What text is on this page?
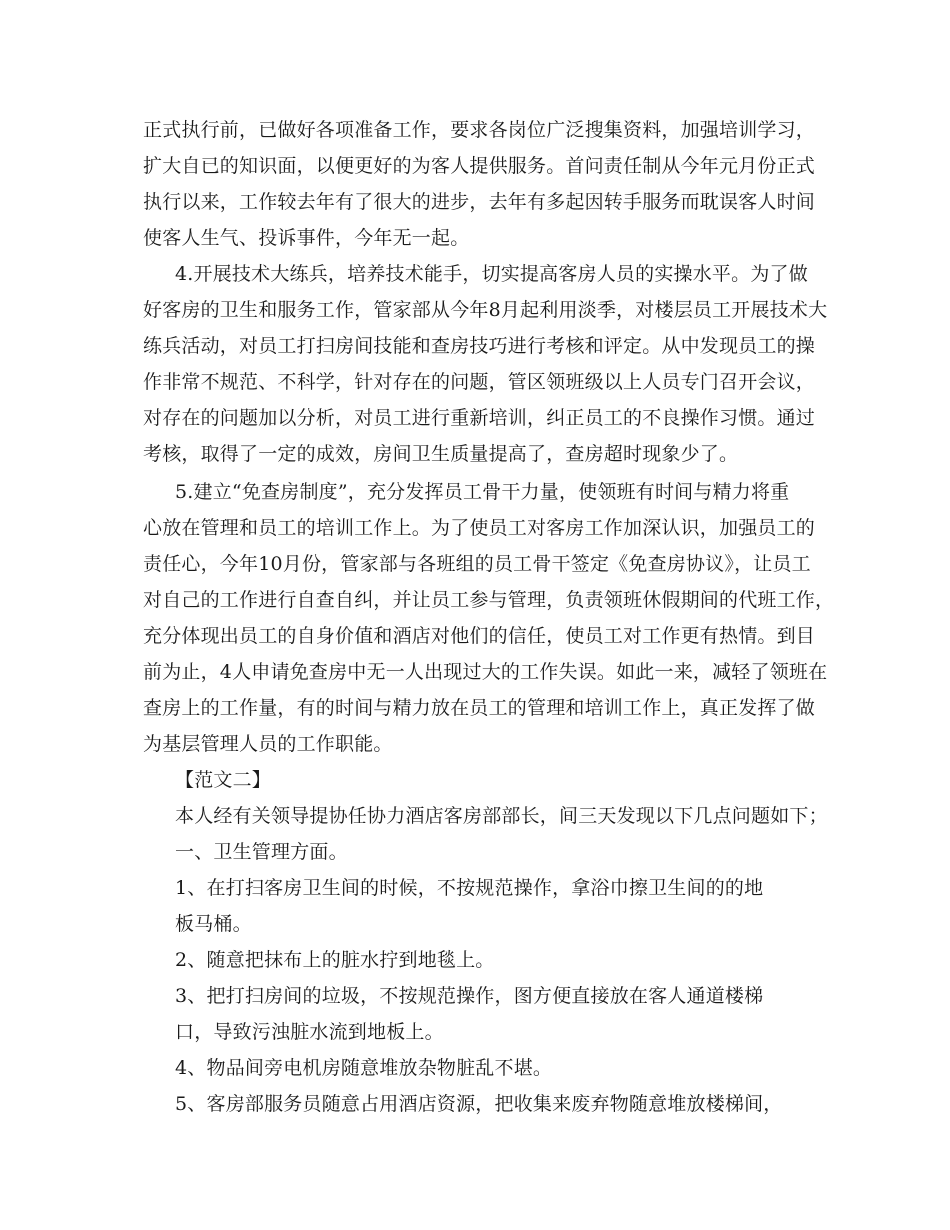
正式执行前，已做好各项准备工作，要求各岗位广泛搜集资料，加强培训学习，
扩大自已的知识面，以便更好的为客人提供服务。首问责任制从今年元月份正式
执行以来，工作较去年有了很大的进步，去年有多起因转手服务而耽误客人时间
使客人生气、投诉事件，今年无一起。
4.开展技术大练兵，培养技术能手，切实提高客房人员的实操水平。为了做
好客房的卫生和服务工作，管家部从今年8月起利用淡季，对楼层员工开展技术大
练兵活动，对员工打扫房间技能和查房技巧进行考核和评定。从中发现员工的操
作非常不规范、不科学，针对存在的问题，管区领班级以上人员专门召开会议，
对存在的问题加以分析，对员工进行重新培训，纠正员工的不良操作习惯。通过
考核，取得了一定的成效，房间卫生质量提高了，查房超时现象少了。
5.建立“免查房制度”，充分发挥员工骨干力量，使领班有时间与精力将重
心放在管理和员工的培训工作上。为了使员工对客房工作加深认识，加强员工的
责任心，今年10月份，管家部与各班组的员工骨干签定《免查房协议》，让员工
对自己的工作进行自查自纠，并让员工参与管理，负责领班休假期间的代班工作，
充分体现出员工的自身价值和酒店对他们的信任，使员工对工作更有热情。到目
前为止，4人申请免查房中无一人出现过大的工作失误。如此一来，减轻了领班在
查房上的工作量，有的时间与精力放在员工的管理和培训工作上，真正发挥了做
为基层管理人员的工作职能。
【范文二】
本人经有关领导提协任协力酒店客房部部长，间三天发现以下几点问题如下；
一、卫生管理方面。
1、在打扫客房卫生间的时候，不按规范操作，拿浴巾擦卫生间的的地
板马桶。
2、随意把抹布上的脏水拧到地毯上。
3、把打扫房间的垃圾，不按规范操作，图方便直接放在客人通道楼梯
口，导致污浊脏水流到地板上。
4、物品间旁电机房随意堆放杂物脏乱不堪。
5、客房部服务员随意占用酒店资源，把收集来废弃物随意堆放楼梯间，
